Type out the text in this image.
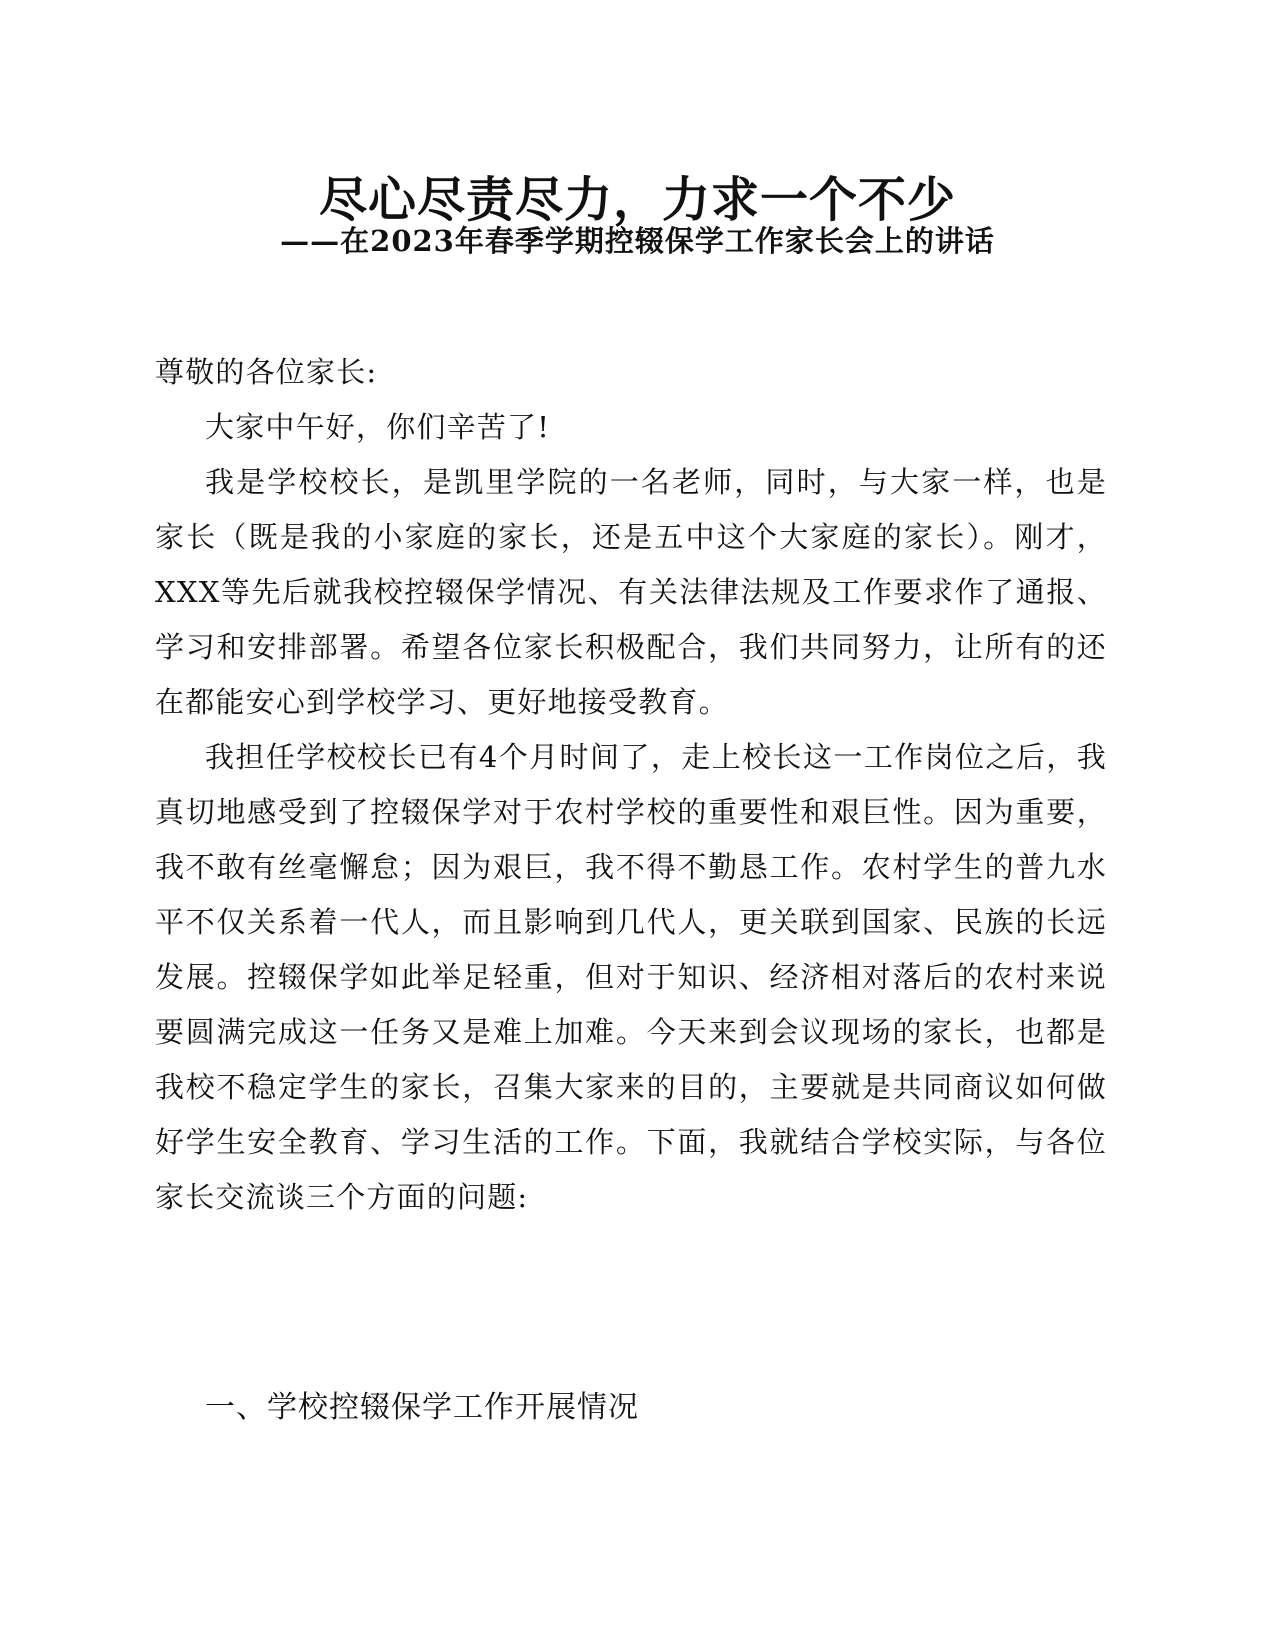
尽心尽责尽力，力求一个不少
——在2023年春季学期控辍保学工作家长会上的讲话

尊敬的各位家长:

大家中午好，你们辛苦了!

我是学校校长，是凯里学院的一名老师，同时，与大家一样，也是家长（既是我的小家庭的家长，还是五中这个大家庭的家长）。刚才，XXX等先后就我校控辍保学情况、有关法律法规及工作要求作了通报、学习和安排部署。希望各位家长积极配合，我们共同努力，让所有的还在都能安心到学校学习、更好地接受教育。

我担任学校校长已有4个月时间了，走上校长这一工作岗位之后，我真切地感受到了控辍保学对于农村学校的重要性和艰巨性。因为重要，我不敢有丝毫懈怠；因为艰巨，我不得不勤恳工作。农村学生的普九水平不仅关系着一代人，而且影响到几代人，更关联到国家、民族的长远发展。控辍保学如此举足轻重，但对于知识、经济相对落后的农村来说要圆满完成这一任务又是难上加难。今天来到会议现场的家长，也都是我校不稳定学生的家长，召集大家来的目的，主要就是共同商议如何做好学生安全教育、学习生活的工作。下面，我就结合学校实际，与各位家长交流谈三个方面的问题:

一、学校控辍保学工作开展情况
